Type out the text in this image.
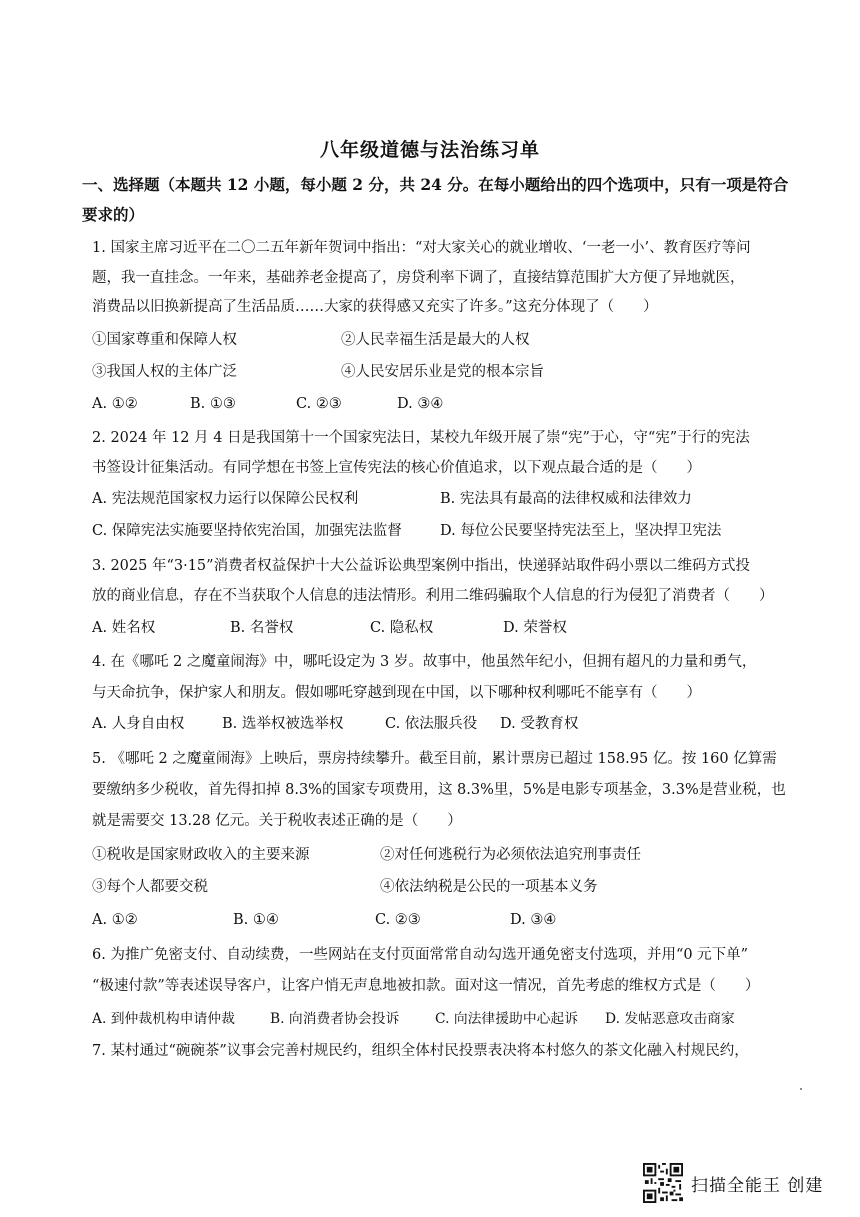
八年级道德与法治练习单
一、选择题（本题共 12 小题，每小题 2 分，共 24 分。在每小题给出的四个选项中，只有一项是符合
要求的）
1. 国家主席习近平在二〇二五年新年贺词中指出：“对大家关心的就业增收、‘一老一小’、教育医疗等问
题，我一直挂念。一年来，基础养老金提高了，房贷利率下调了，直接结算范围扩大方便了异地就医，
消费品以旧换新提高了生活品质……大家的获得感又充实了许多。”这充分体现了（　　）
①国家尊重和保障人权	②人民幸福生活是最大的人权
③我国人权的主体广泛	④人民安居乐业是党的根本宗旨
A. ①②	B. ①③	C. ②③	D. ③④
2. 2024 年 12 月 4 日是我国第十一个国家宪法日，某校九年级开展了崇“宪”于心，守“宪”于行的宪法
书签设计征集活动。有同学想在书签上宣传宪法的核心价值追求，以下观点最合适的是（　　）
A. 宪法规范国家权力运行以保障公民权利	B. 宪法具有最高的法律权威和法律效力
C. 保障宪法实施要坚持依宪治国，加强宪法监督	D. 每位公民要坚持宪法至上，坚决捍卫宪法
3. 2025 年“3·15”消费者权益保护十大公益诉讼典型案例中指出，快递驿站取件码小票以二维码方式投
放的商业信息，存在不当获取个人信息的违法情形。利用二维码骗取个人信息的行为侵犯了消费者（　　）
A. 姓名权	B. 名誉权	C. 隐私权	D. 荣誉权
4. 在《哪吒 2 之魔童闹海》中，哪吒设定为 3 岁。故事中，他虽然年纪小，但拥有超凡的力量和勇气，
与天命抗争，保护家人和朋友。假如哪吒穿越到现在中国，以下哪种权利哪吒不能享有（　　）
A. 人身自由权	B. 选举权被选举权	C. 依法服兵役 D. 受教育权
5. 《哪吒 2 之魔童闹海》上映后，票房持续攀升。截至目前，累计票房已超过 158.95 亿。按 160 亿算需
要缴纳多少税收，首先得扣掉 8.3%的国家专项费用，这 8.3%里，5%是电影专项基金，3.3%是营业税，也
就是需要交 13.28 亿元。关于税收表述正确的是（　　）
①税收是国家财政收入的主要来源	②对任何逃税行为必须依法追究刑事责任
③每个人都要交税	④依法纳税是公民的一项基本义务
A. ①②	B. ①④	C. ②③	D. ③④
6. 为推广免密支付、自动续费，一些网站在支付页面常常自动勾选开通免密支付选项，并用“0 元下单”
“极速付款”等表述误导客户，让客户悄无声息地被扣款。面对这一情况，首先考虑的维权方式是（　　）
A. 到仲裁机构申请仲裁	B. 向消费者协会投诉	C. 向法律援助中心起诉 D. 发帖恶意攻击商家
7. 某村通过“碗碗茶”议事会完善村规民约，组织全体村民投票表决将本村悠久的茶文化融入村规民约，
扫描全能王 创建
